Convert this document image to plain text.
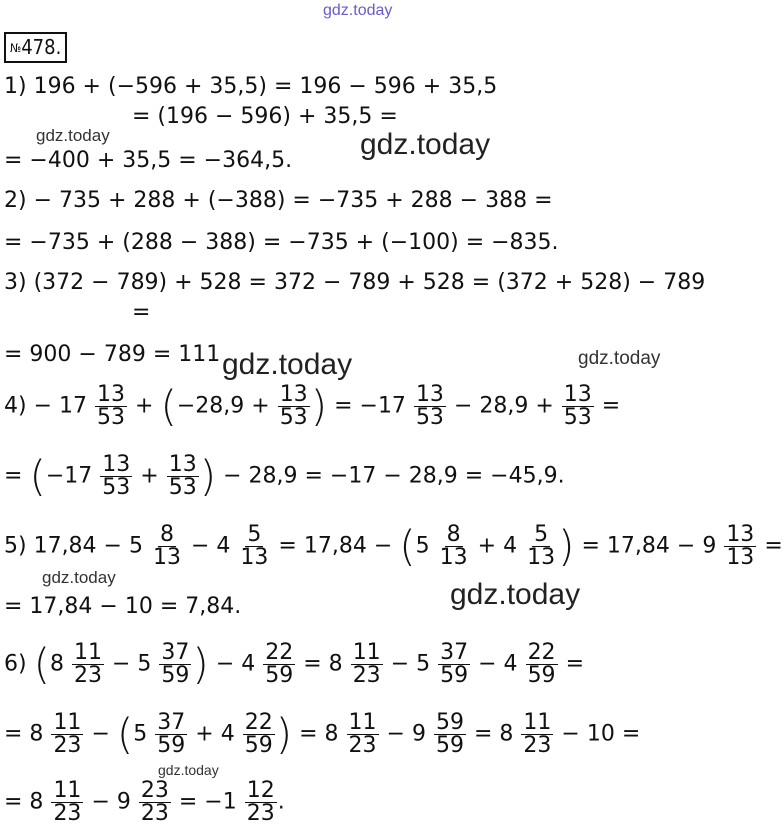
gdz.today
gdz.today	gdz.today
gdz.today	gdz.today
gdz.today
gdz.today
gdz.today
№478.
1) 196 + (−596 + 35,5) = 196 − 596 + 35,5
= (196 − 596) + 35,5 =
= −400 + 35,5 = −364,5.
2) − 735 + 288 + (−388) = −735 + 288 − 388 =
= −735 + (288 − 388) = −735 + (−100) = −835.
3) (372 − 789) + 528 = 372 − 789 + 528 = (372 + 528) − 789
=
= 900 − 789 = 111
$4) - 17 \frac{13}{53} + (-28,9 + \frac{13}{53}$ ) = $-17 \frac{13}{53} - 28,9 + \frac{13}{53}$ =
= ($-17 \frac{13}{53} + \frac{13}{53}$ ) − 28,9 = −17 − 28,9 = −45,9.
5) $17,84 - 5 \frac{8}{13} - 4 \frac{5}{13} = 17,84 - (5 \frac{8}{13} + 4 \frac{5}{13}$ ) = $17,84 - 9 \frac{13}{13}$ =
= 17,84 − 10 = 7,84.
6) ($8 \frac{11}{23} - 5 \frac{37}{59}$ ) − $4 \frac{22}{59} = 8 \frac{11}{23} - 5 \frac{37}{59} - 4 \frac{22}{59}$ =
= $8 \frac{11}{23} - (5 \frac{37}{59} + 4 \frac{22}{59}$ ) = $8 \frac{11}{23} - 9 \frac{59}{59} = 8 \frac{11}{23} - 10$ =
= $8 \frac{11}{23} - 9 \frac{23}{23} = -1 \frac{12}{23}$ .
